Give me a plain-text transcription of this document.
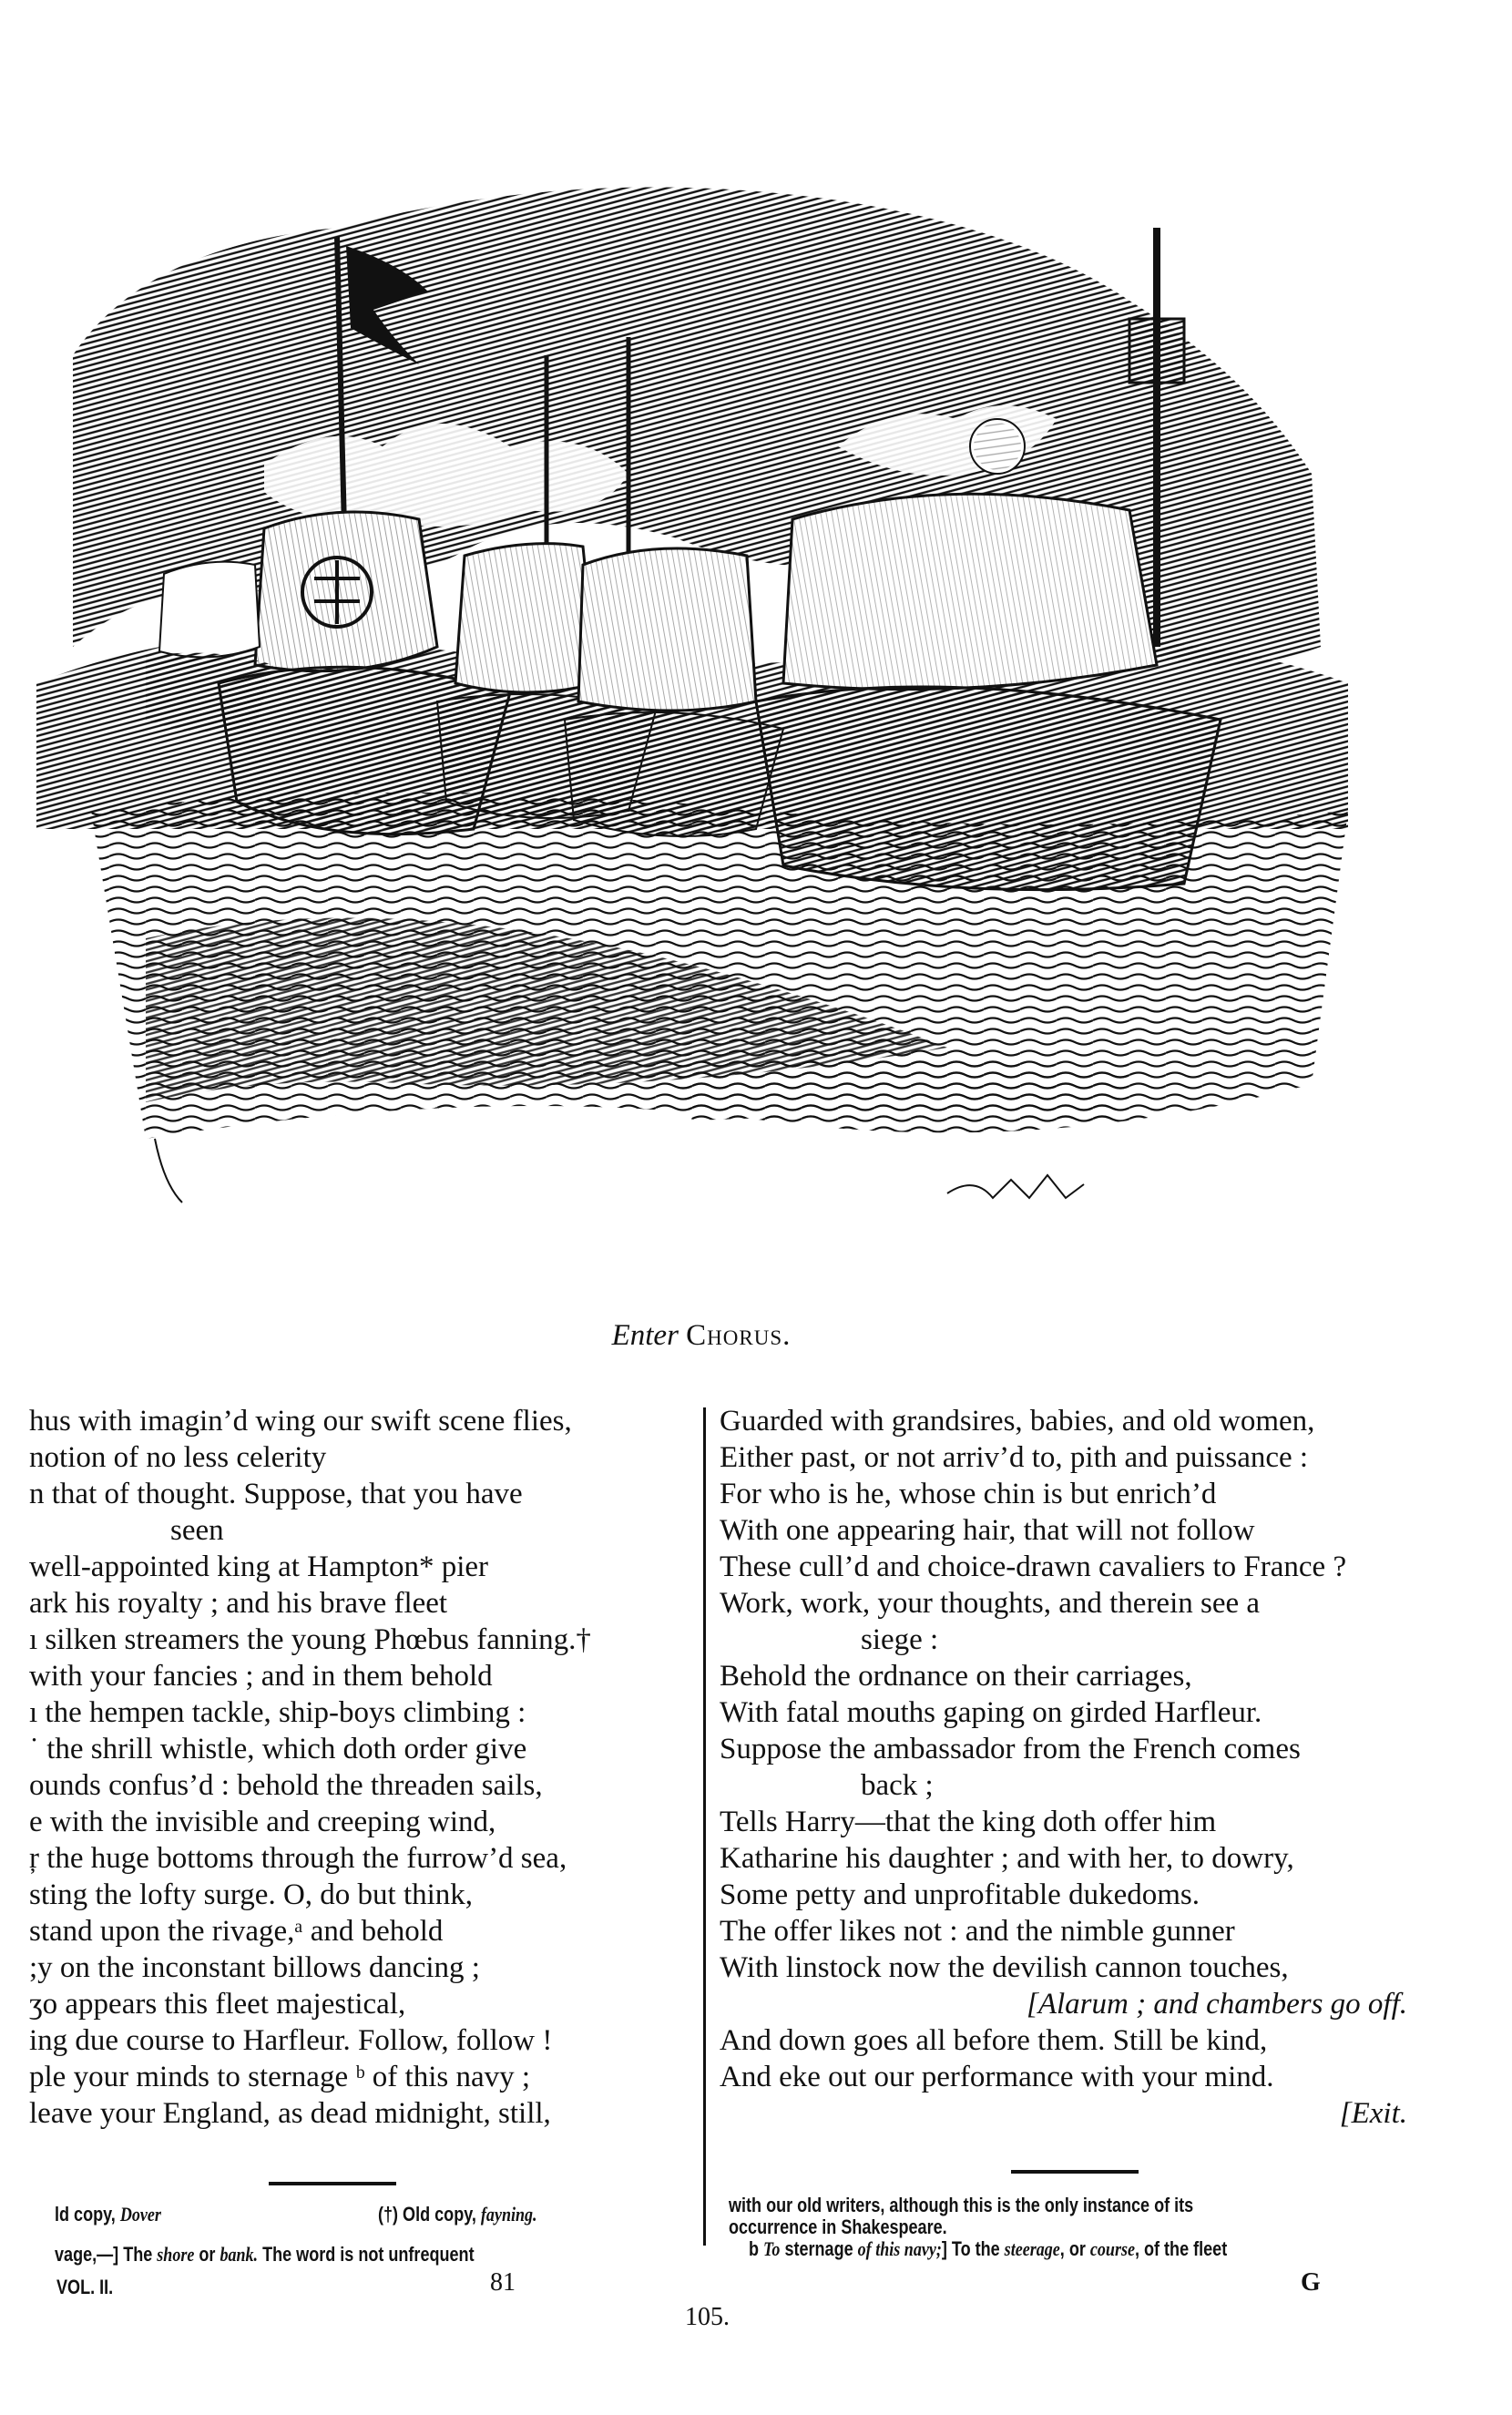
Enter Chorus.
hus with imagin’d wing our swift scene flies,
notion of no less celerity
n that of thought. Suppose, that you have
seen
well-appointed king at Hampton* pier
ark his royalty ; and his brave fleet
ı silken streamers the young Phœbus fanning.†
with your fancies ; and in them behold
ı the hempen tackle, ship-boys climbing :
˙ the shrill whistle, which doth order give
ounds confus’d : behold the threaden sails,
e with the invisible and creeping wind,
ŗ the huge bottoms through the furrow’d sea,
sting the lofty surge. O, do but think,
stand upon the rivage,ᵃ and behold
;y on the inconstant billows dancing ;
ʒo appears this fleet majestical,
ing due course to Harfleur. Follow, follow !
ple your minds to sternage ᵇ of this navy ;
leave your England, as dead midnight, still,
Guarded with grandsires, babies, and old women,
Either past, or not arriv’d to, pith and puissance :
For who is he, whose chin is but enrich’d
With one appearing hair, that will not follow
These cull’d and choice-drawn cavaliers to France ?
Work, work, your thoughts, and therein see a
siege :
Behold the ordnance on their carriages,
With fatal mouths gaping on girded Harfleur.
Suppose the ambassador from the French comes
back ;
Tells Harry—that the king doth offer him
Katharine his daughter ; and with her, to dowry,
Some petty and unprofitable dukedoms.
The offer likes not : and the nimble gunner
With linstock now the devilish cannon touches,
[Alarum ; and chambers go off.
And down goes all before them. Still be kind,
And eke out our performance with your mind.
[Exit.
ld copy, Dover	(†) Old copy, fayning.
vage,—] The shore or bank. The word is not unfrequent
with our old writers, although this is the only instance of its
occurrence in Shakespeare.
b To sternage of this navy;] To the steerage, or course, of the fleet
VOL. II.	81	G
105.
